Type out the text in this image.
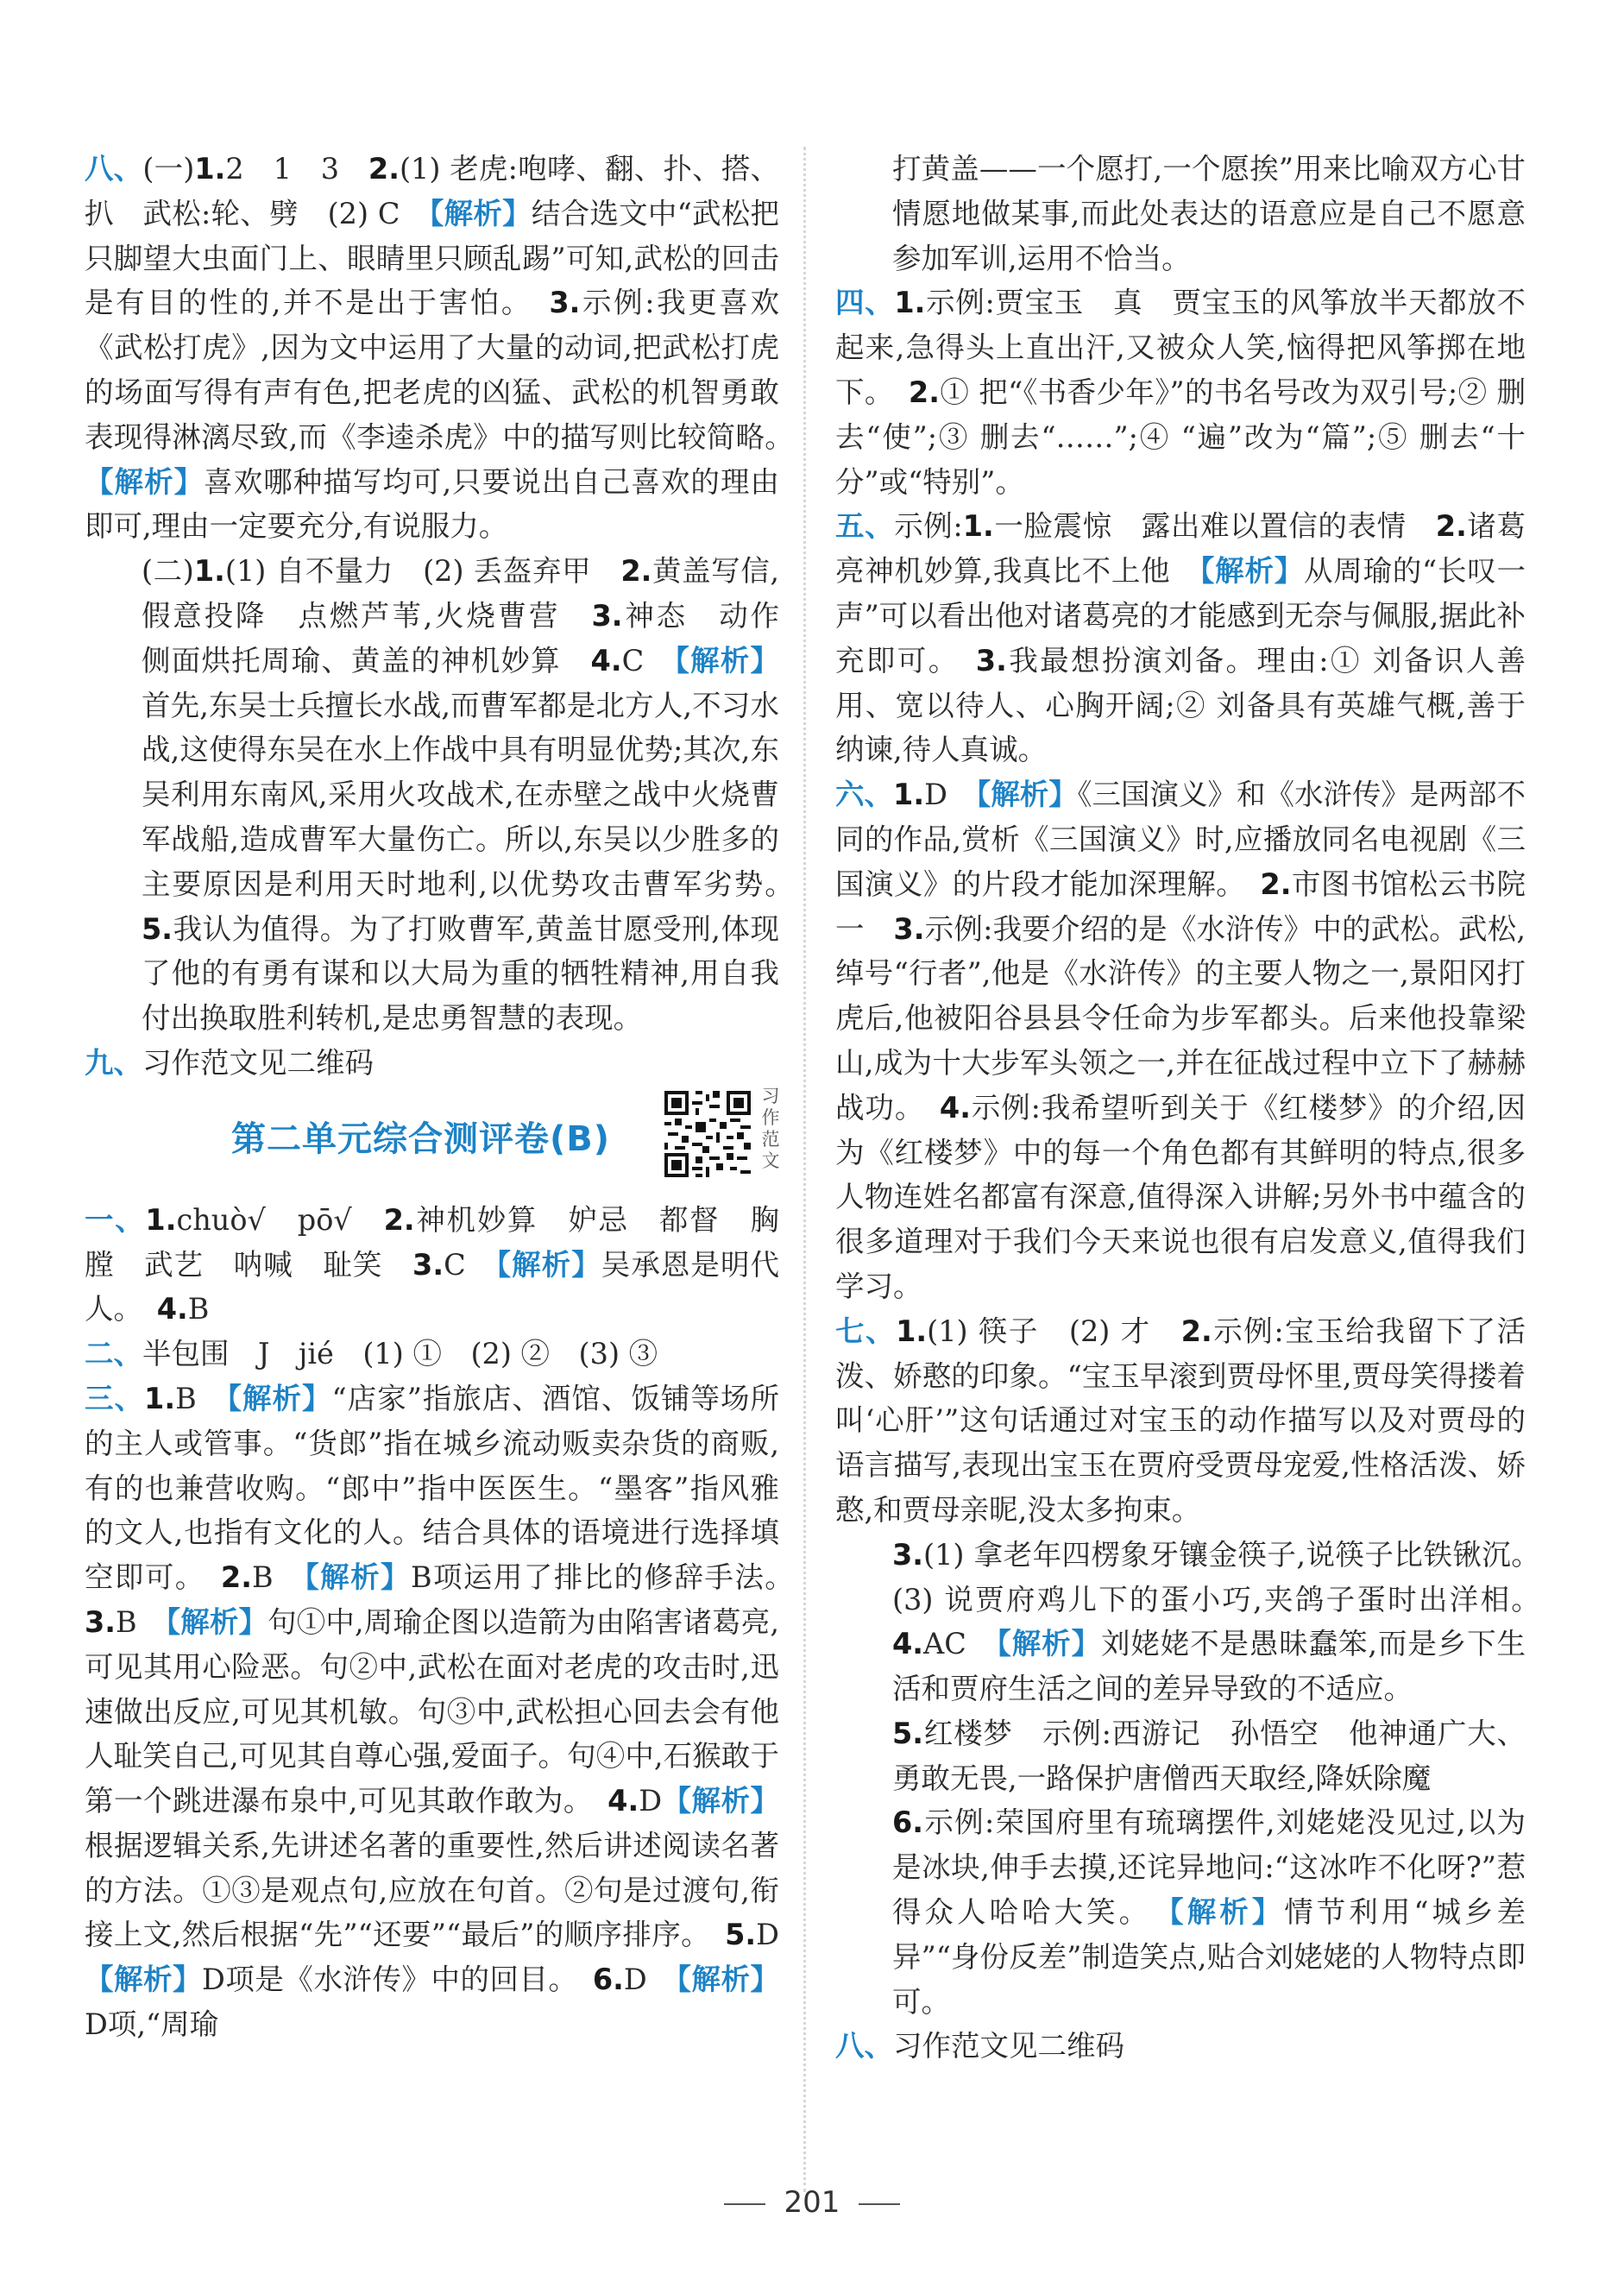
八、(一)1.2　1　3　2.(1) 老虎:咆哮、翻、扑、搭、扒　武松:轮、劈　(2) C　【解析】结合选文中“武松把只脚望大虫面门上、眼睛里只顾乱踢”可知,武松的回击是有目的性的,并不是出于害怕。　3.示例:我更喜欢《武松打虎》,因为文中运用了大量的动词,把武松打虎的场面写得有声有色,把老虎的凶猛、武松的机智勇敢表现得淋漓尽致,而《李逵杀虎》中的描写则比较简略。　【解析】喜欢哪种描写均可,只要说出自己喜欢的理由即可,理由一定要充分,有说服力。

(二)1.(1) 自不量力　(2) 丢盔弃甲　2.黄盖写信,假意投降　点燃芦苇,火烧曹营　3.神态　动作　侧面烘托周瑜、黄盖的神机妙算　4.C　【解析】首先,东吴士兵擅长水战,而曹军都是北方人,不习水战,这使得东吴在水上作战中具有明显优势;其次,东吴利用东南风,采用火攻战术,在赤壁之战中火烧曹军战船,造成曹军大量伤亡。所以,东吴以少胜多的主要原因是利用天时地利,以优势攻击曹军劣势。　5.我认为值得。为了打败曹军,黄盖甘愿受刑,体现了他的有勇有谋和以大局为重的牺牲精神,用自我付出换取胜利转机,是忠勇智慧的表现。

九、习作范文见二维码

第二单元综合测评卷(B)
习作范文

一、1.chuò√　pō√　2.神机妙算　妒忌　都督　胸膛　武艺　呐喊　耻笑　3.C　【解析】吴承恩是明代人。　4.B

二、半包围　J　jié　(1) ①　(2) ②　(3) ③

三、1.B　【解析】“店家”指旅店、酒馆、饭铺等场所的主人或管事。“货郎”指在城乡流动贩卖杂货的商贩,有的也兼营收购。“郎中”指中医医生。“墨客”指风雅的文人,也指有文化的人。结合具体的语境进行选择填空即可。　2.B　【解析】B项运用了排比的修辞手法。　3.B　【解析】句①中,周瑜企图以造箭为由陷害诸葛亮,可见其用心险恶。句②中,武松在面对老虎的攻击时,迅速做出反应,可见其机敏。句③中,武松担心回去会有他人耻笑自己,可见其自尊心强,爱面子。句④中,石猴敢于第一个跳进瀑布泉中,可见其敢作敢为。　4.D【解析】根据逻辑关系,先讲述名著的重要性,然后讲述阅读名著的方法。①③是观点句,应放在句首。②句是过渡句,衔接上文,然后根据“先”“还要”“最后”的顺序排序。　5.D　【解析】D项是《水浒传》中的回目。　6.D　【解析】D项,“周瑜

打黄盖——一个愿打,一个愿挨”用来比喻双方心甘情愿地做某事,而此处表达的语意应是自己不愿意参加军训,运用不恰当。

四、1.示例:贾宝玉　真　贾宝玉的风筝放半天都放不起来,急得头上直出汗,又被众人笑,恼得把风筝掷在地下。　2.① 把“《书香少年》”的书名号改为双引号;② 删去“使”;③ 删去“……”;④ “遍”改为“篇”;⑤ 删去“十分”或“特别”。

五、示例:1.一脸震惊　露出难以置信的表情　2.诸葛亮神机妙算,我真比不上他　【解析】从周瑜的“长叹一声”可以看出他对诸葛亮的才能感到无奈与佩服,据此补充即可。　3.我最想扮演刘备。理由:① 刘备识人善用、宽以待人、心胸开阔;② 刘备具有英雄气概,善于纳谏,待人真诚。

六、1.D　【解析】《三国演义》和《水浒传》是两部不同的作品,赏析《三国演义》时,应播放同名电视剧《三国演义》的片段才能加深理解。　2.市图书馆松云书院　一　3.示例:我要介绍的是《水浒传》中的武松。武松,绰号“行者”,他是《水浒传》的主要人物之一,景阳冈打虎后,他被阳谷县县令任命为步军都头。后来他投靠梁山,成为十大步军头领之一,并在征战过程中立下了赫赫战功。　4.示例:我希望听到关于《红楼梦》的介绍,因为《红楼梦》中的每一个角色都有其鲜明的特点,很多人物连姓名都富有深意,值得深入讲解;另外书中蕴含的很多道理对于我们今天来说也很有启发意义,值得我们学习。

七、1.(1) 筷子　(2) 才　2.示例:宝玉给我留下了活泼、娇憨的印象。“宝玉早滚到贾母怀里,贾母笑得搂着叫‘心肝’”这句话通过对宝玉的动作描写以及对贾母的语言描写,表现出宝玉在贾府受贾母宠爱,性格活泼、娇憨,和贾母亲昵,没太多拘束。

3.(1) 拿老年四楞象牙镶金筷子,说筷子比铁锹沉。　(3) 说贾府鸡儿下的蛋小巧,夹鸽子蛋时出洋相。　4.AC　【解析】刘姥姥不是愚昧蠢笨,而是乡下生活和贾府生活之间的差异导致的不适应。

5.红楼梦　示例:西游记　孙悟空　他神通广大、勇敢无畏,一路保护唐僧西天取经,降妖除魔

6.示例:荣国府里有琉璃摆件,刘姥姥没见过,以为是冰块,伸手去摸,还诧异地问:“这冰咋不化呀?”惹得众人哈哈大笑。　【解析】情节利用“城乡差异”“身份反差”制造笑点,贴合刘姥姥的人物特点即可。

八、习作范文见二维码

201
